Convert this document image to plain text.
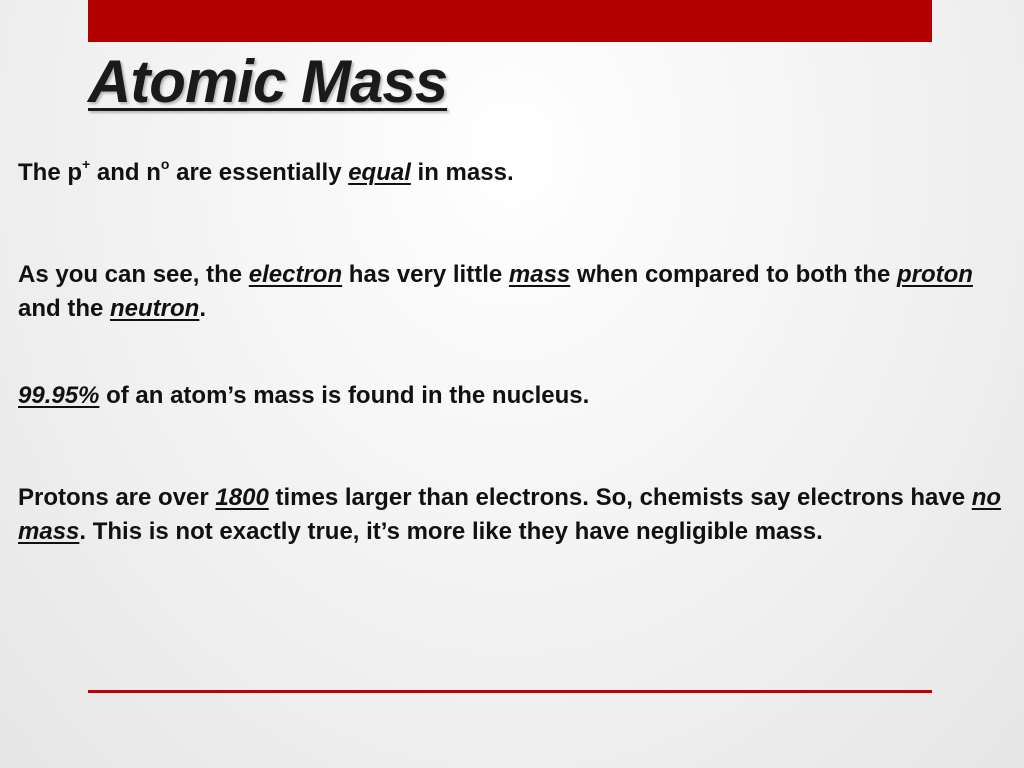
Atomic Mass

The p+ and $n^o$ are essentially equal in mass.

As you can see, the electron has very little mass when compared to both the proton and the neutron.

99.95% of an atom’s mass is found in the nucleus.

Protons are over 1800 times larger than electrons. So, chemists say electrons have no mass. This is not exactly true, it’s more like they have negligible mass.
